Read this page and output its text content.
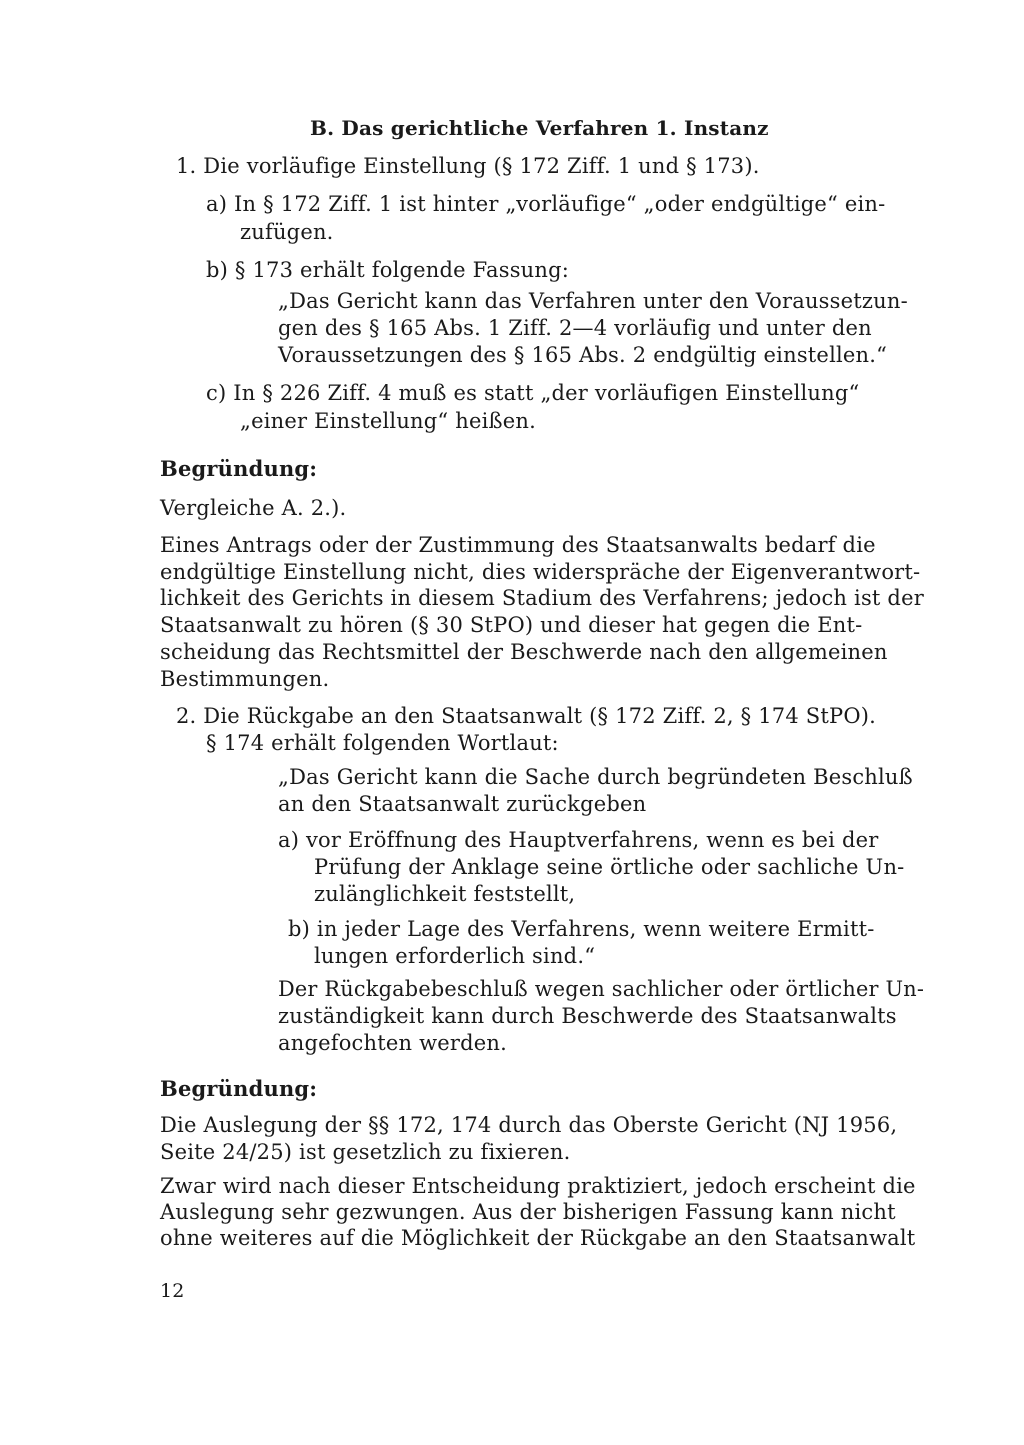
B. Das gerichtliche Verfahren 1. Instanz
1. Die vorläufige Einstellung (§ 172 Ziff. 1 und § 173).
a) In § 172 Ziff. 1 ist hinter „vorläufige“ „oder endgültige“ ein-
zufügen.
b) § 173 erhält folgende Fassung:
„Das Gericht kann das Verfahren unter den Voraussetzun-
gen des § 165 Abs. 1 Ziff. 2—4 vorläufig und unter den
Voraussetzungen des § 165 Abs. 2 endgültig einstellen.“
c) In § 226 Ziff. 4 muß es statt „der vorläufigen Einstellung“
„einer Einstellung“ heißen.
Begründung:
Vergleiche A. 2.).
Eines Antrags oder der Zustimmung des Staatsanwalts bedarf die
endgültige Einstellung nicht, dies widerspräche der Eigenverantwort-
lichkeit des Gerichts in diesem Stadium des Verfahrens; jedoch ist der
Staatsanwalt zu hören (§ 30 StPO) und dieser hat gegen die Ent-
scheidung das Rechtsmittel der Beschwerde nach den allgemeinen
Bestimmungen.
2. Die Rückgabe an den Staatsanwalt (§ 172 Ziff. 2, § 174 StPO).
§ 174 erhält folgenden Wortlaut:
„Das Gericht kann die Sache durch begründeten Beschluß
an den Staatsanwalt zurückgeben
a) vor Eröffnung des Hauptverfahrens, wenn es bei der
Prüfung der Anklage seine örtliche oder sachliche Un-
zulänglichkeit feststellt,
b) in jeder Lage des Verfahrens, wenn weitere Ermitt-
lungen erforderlich sind.“
Der Rückgabebeschluß wegen sachlicher oder örtlicher Un-
zuständigkeit kann durch Beschwerde des Staatsanwalts
angefochten werden.
Begründung:
Die Auslegung der §§ 172, 174 durch das Oberste Gericht (NJ 1956,
Seite 24/25) ist gesetzlich zu fixieren.
Zwar wird nach dieser Entscheidung praktiziert, jedoch erscheint die
Auslegung sehr gezwungen. Aus der bisherigen Fassung kann nicht
ohne weiteres auf die Möglichkeit der Rückgabe an den Staatsanwalt
12
